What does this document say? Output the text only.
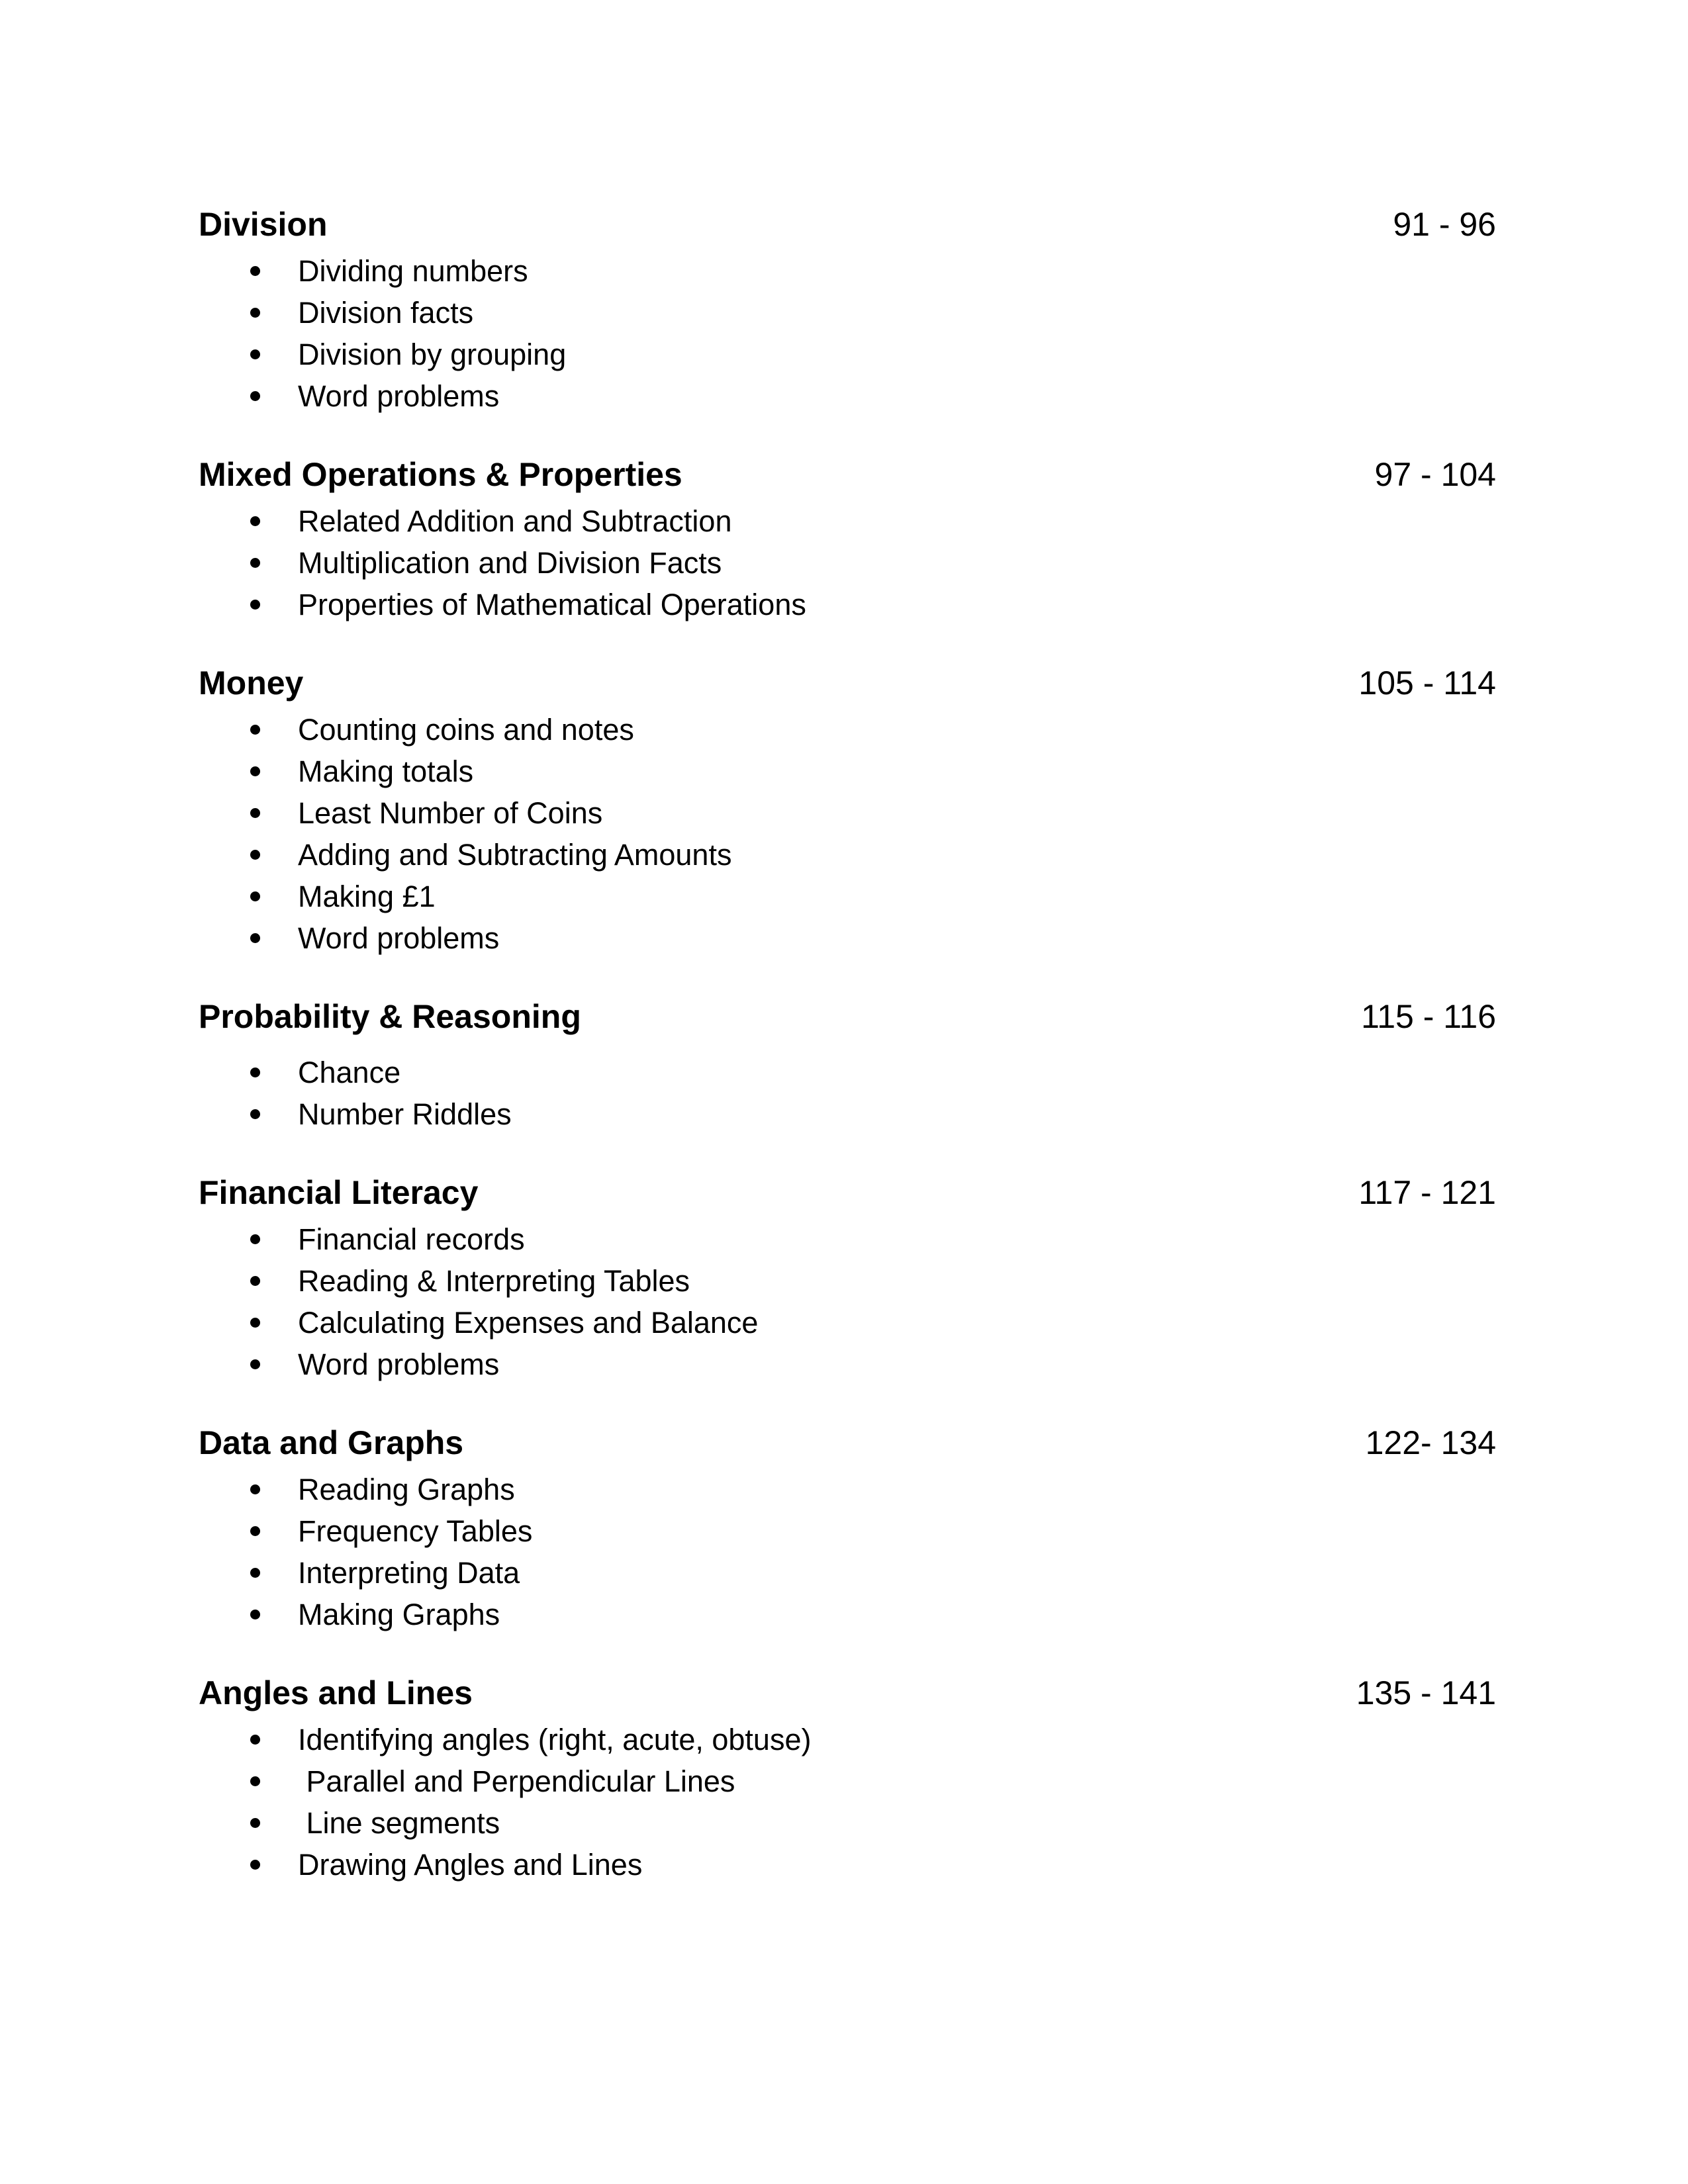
Division	91 - 96
Dividing numbers
Division facts
Division by grouping
Word problems
Mixed Operations & Properties	97 - 104
Related Addition and Subtraction
Multiplication and Division Facts
Properties of Mathematical Operations
Money	105 - 114
Counting coins and notes
Making totals
Least Number of Coins
Adding and Subtracting Amounts
Making £1
Word problems
Probability & Reasoning	115 - 116
Chance
Number Riddles
Financial Literacy	117 - 121
Financial records
Reading & Interpreting Tables
Calculating Expenses and Balance
Word problems
Data and Graphs	122- 134
Reading Graphs
Frequency Tables
Interpreting Data
Making Graphs
Angles and Lines	135 - 141
Identifying angles (right, acute, obtuse)
Parallel and Perpendicular Lines
Line segments
Drawing Angles and Lines
